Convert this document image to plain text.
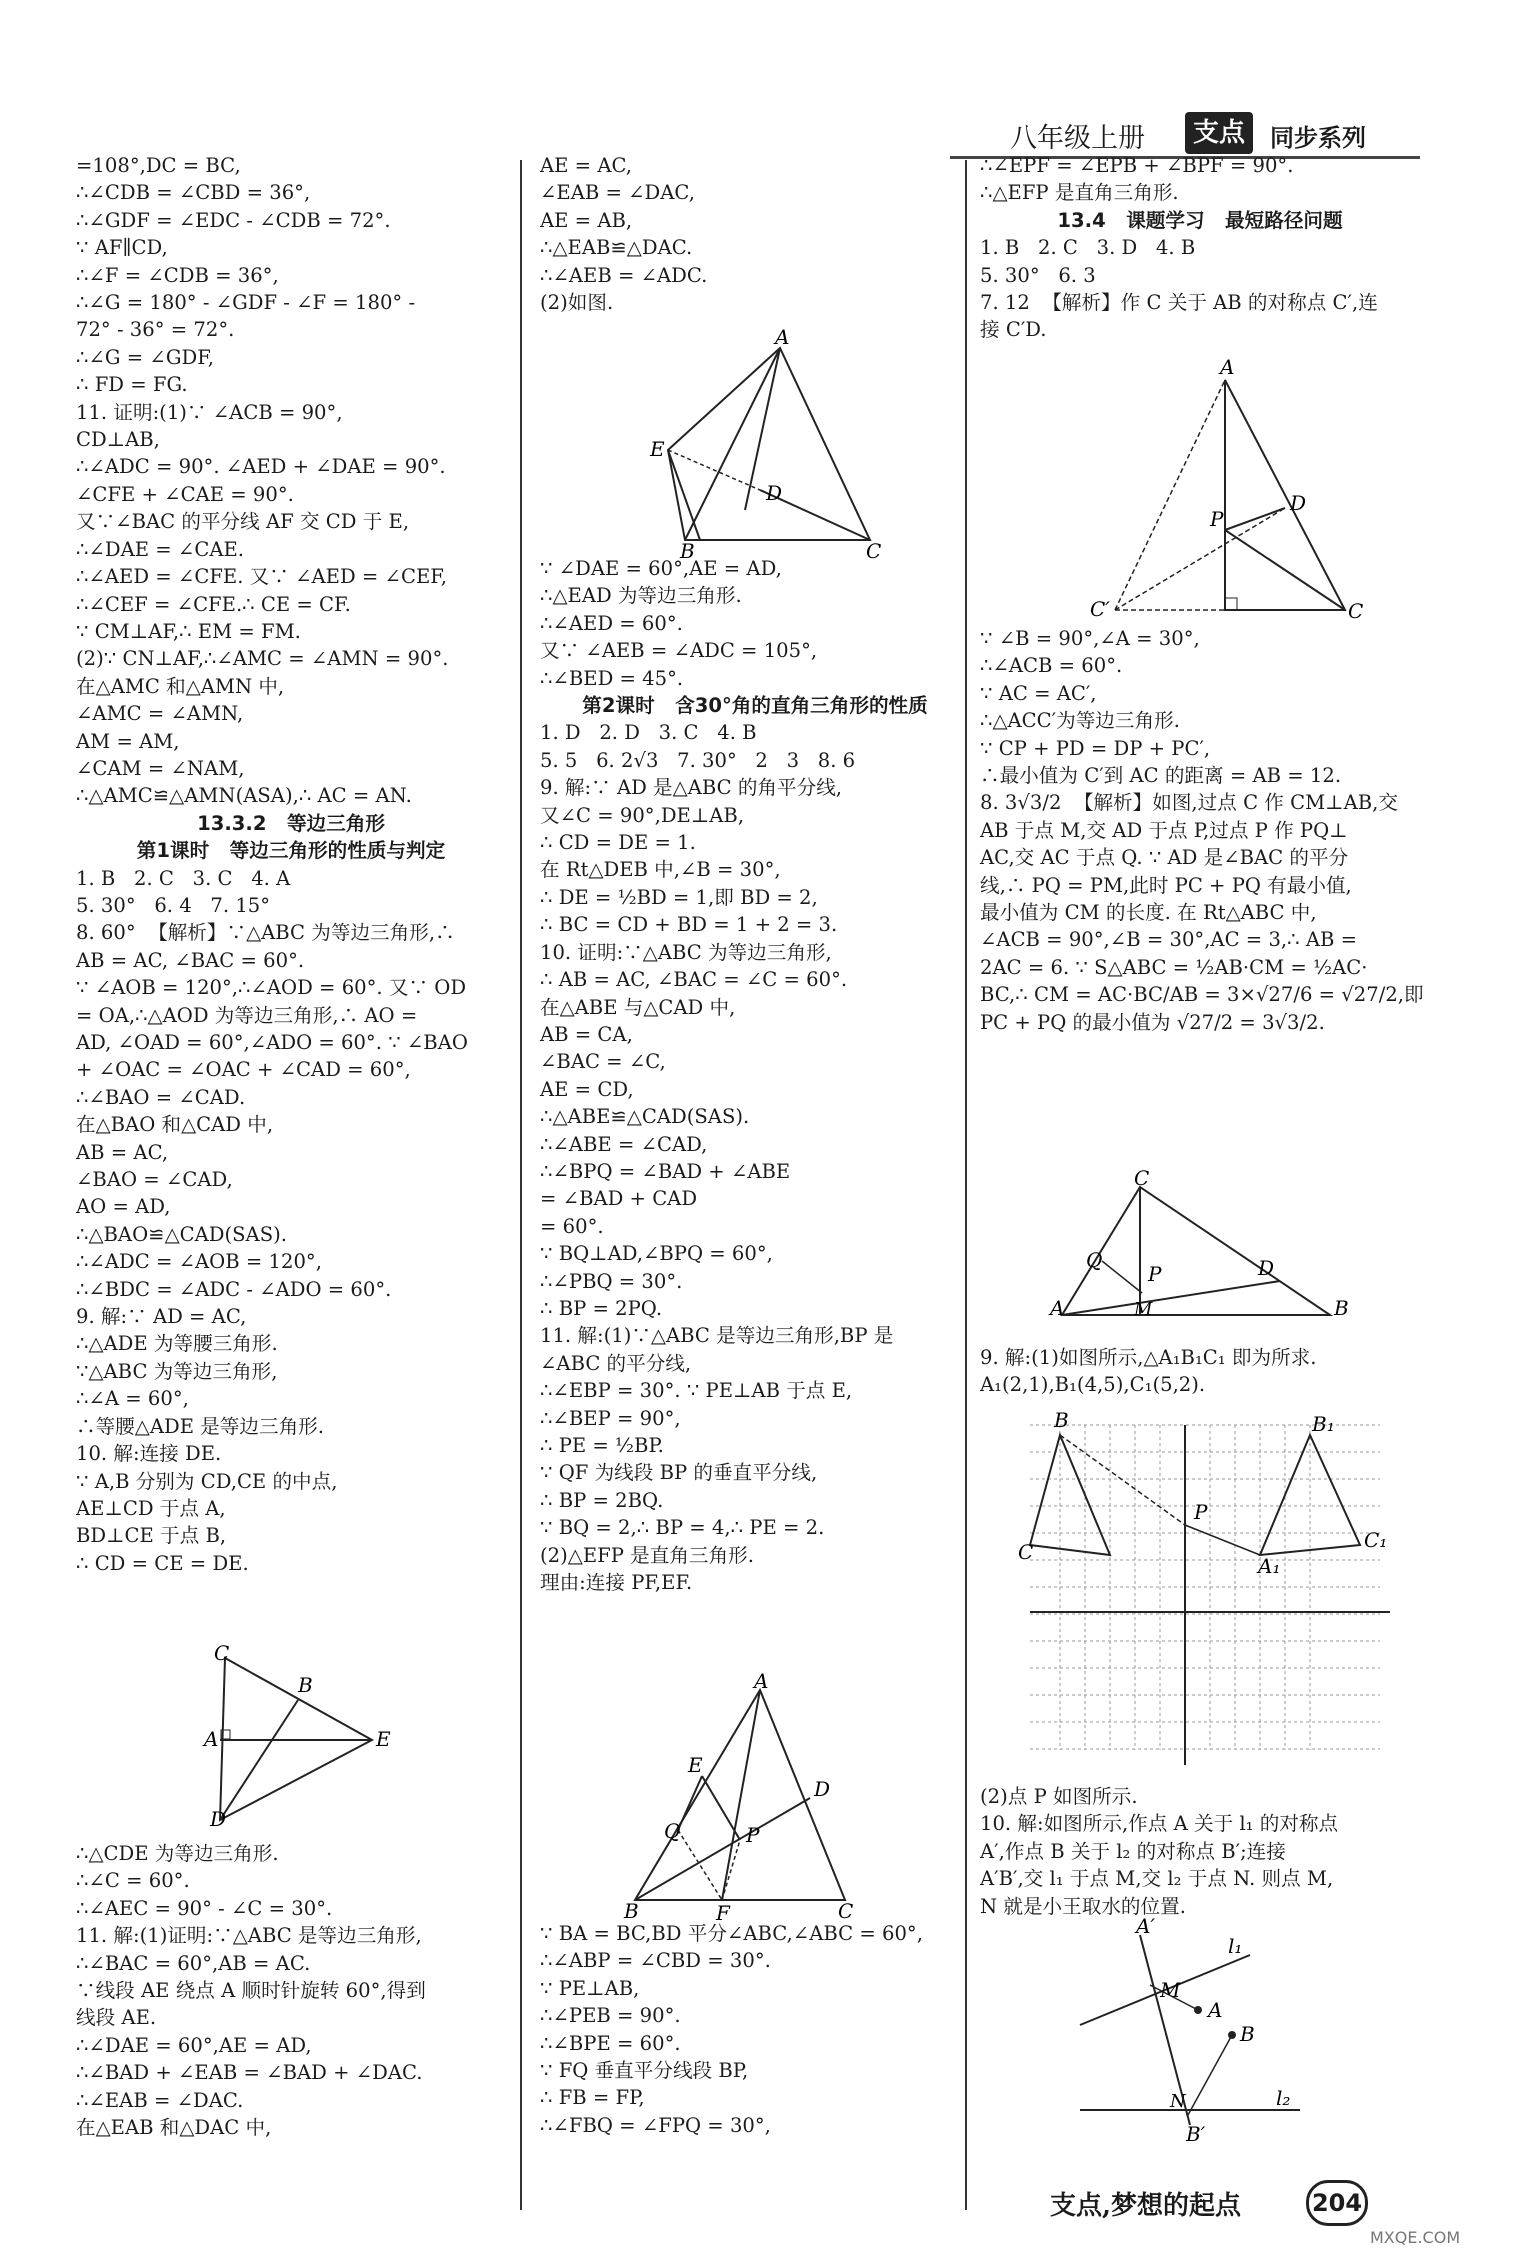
八年级上册	支点	同步系列
=108°,DC = BC,
∴∠CDB = ∠CBD = 36°,
∴∠GDF = ∠EDC - ∠CDB = 72°.
∵ AF∥CD,
∴∠F = ∠CDB = 36°,
∴∠G = 180° - ∠GDF - ∠F = 180° -
72° - 36° = 72°.
∴∠G = ∠GDF,
∴ FD = FG.
11. 证明:(1)∵ ∠ACB = 90°,
CD⊥AB,
∴∠ADC = 90°. ∠AED + ∠DAE = 90°.
∠CFE + ∠CAE = 90°.
又∵∠BAC 的平分线 AF 交 CD 于 E,
∴∠DAE = ∠CAE.
∴∠AED = ∠CFE. 又∵ ∠AED = ∠CEF,
∴∠CEF = ∠CFE.∴ CE = CF.
∵ CM⊥AF,∴ EM = FM.
(2)∵ CN⊥AF,∴∠AMC = ∠AMN = 90°.
在△AMC 和△AMN 中,
∠AMC = ∠AMN,
AM = AM,
∠CAM = ∠NAM,
∴△AMC≌△AMN(ASA),∴ AC = AN.
13.3.2   等边三角形
第1课时   等边三角形的性质与判定
1. B   2. C   3. C   4. A
5. 30°   6. 4   7. 15°
8. 60°  【解析】∵△ABC 为等边三角形,∴
AB = AC, ∠BAC = 60°.
∵ ∠AOB = 120°,∴∠AOD = 60°. 又∵ OD
= OA,∴△AOD 为等边三角形,∴ AO =
AD, ∠OAD = 60°,∠ADO = 60°. ∵ ∠BAO
+ ∠OAC = ∠OAC + ∠CAD = 60°,
∴∠BAO = ∠CAD.
在△BAO 和△CAD 中,
AB = AC,
∠BAO = ∠CAD,
AO = AD,
∴△BAO≌△CAD(SAS).
∴∠ADC = ∠AOB = 120°,
∴∠BDC = ∠ADC - ∠ADO = 60°.
9. 解:∵ AD = AC,
∴△ADE 为等腰三角形.
∵△ABC 为等边三角形,
∴∠A = 60°,
∴等腰△ADE 是等边三角形.
10. 解:连接 DE.
∵ A,B 分别为 CD,CE 的中点,
AE⊥CD 于点 A,
BD⊥CE 于点 B,
∴ CD = CE = DE.
C
B
A	E
D
∴△CDE 为等边三角形.
∴∠C = 60°.
∴∠AEC = 90° - ∠C = 30°.
11. 解:(1)证明:∵△ABC 是等边三角形,
∴∠BAC = 60°,AB = AC.
∵线段 AE 绕点 A 顺时针旋转 60°,得到
线段 AE.
∴∠DAE = 60°,AE = AD,
∴∠BAD + ∠EAB = ∠BAD + ∠DAC.
∴∠EAB = ∠DAC.
在△EAB 和△DAC 中,
AE = AC,
∠EAB = ∠DAC,
AE = AB,
∴△EAB≌△DAC.
∴∠AEB = ∠ADC.
(2)如图.
A
E
D
B	C
∵ ∠DAE = 60°,AE = AD,
∴△EAD 为等边三角形.
∴∠AED = 60°.
又∵ ∠AEB = ∠ADC = 105°,
∴∠BED = 45°.
第2课时   含30°角的直角三角形的性质
1. D   2. D   3. C   4. B
5. 5   6. 2√3   7. 30°   2   3   8. 6
9. 解:∵ AD 是△ABC 的角平分线,
又∠C = 90°,DE⊥AB,
∴ CD = DE = 1.
在 Rt△DEB 中,∠B = 30°,
∴ DE = ½BD = 1,即 BD = 2,
∴ BC = CD + BD = 1 + 2 = 3.
10. 证明:∵△ABC 为等边三角形,
∴ AB = AC, ∠BAC = ∠C = 60°.
在△ABE 与△CAD 中,
AB = CA,
∠BAC = ∠C,
AE = CD,
∴△ABE≌△CAD(SAS).
∴∠ABE = ∠CAD,
∴∠BPQ = ∠BAD + ∠ABE
= ∠BAD + CAD
= 60°.
∵ BQ⊥AD,∠BPQ = 60°,
∴∠PBQ = 30°.
∴ BP = 2PQ.
11. 解:(1)∵△ABC 是等边三角形,BP 是
∠ABC 的平分线,
∴∠EBP = 30°. ∵ PE⊥AB 于点 E,
∴∠BEP = 90°,
∴ PE = ½BP.
∵ QF 为线段 BP 的垂直平分线,
∴ BP = 2BQ.
∵ BQ = 2,∴ BP = 4,∴ PE = 2.
(2)△EFP 是直角三角形.
理由:连接 PF,EF.
A
E
D
Q	P
B	F	C
∵ BA = BC,BD 平分∠ABC,∠ABC = 60°,
∴∠ABP = ∠CBD = 30°.
∵ PE⊥AB,
∴∠PEB = 90°.
∴∠BPE = 60°.
∵ FQ 垂直平分线段 BP,
∴ FB = FP,
∴∠FBQ = ∠FPQ = 30°,
∴∠EPF = ∠EPB + ∠BPF = 90°.
∴△EFP 是直角三角形.
13.4   课题学习   最短路径问题
1. B   2. C   3. D   4. B
5. 30°   6. 3
7. 12  【解析】作 C 关于 AB 的对称点 C′,连
接 C′D.
A
D
P
C′	C
∵ ∠B = 90°,∠A = 30°,
∴∠ACB = 60°.
∵ AC = AC′,
∴△ACC′为等边三角形.
∵ CP + PD = DP + PC′,
∴最小值为 C′到 AC 的距离 = AB = 12.
8. 3√3/2  【解析】如图,过点 C 作 CM⊥AB,交
AB 于点 M,交 AD 于点 P,过点 P 作 PQ⊥
AC,交 AC 于点 Q. ∵ AD 是∠BAC 的平分
线,∴ PQ = PM,此时 PC + PQ 有最小值,
最小值为 CM 的长度. 在 Rt△ABC 中,
∠ACB = 90°,∠B = 30°,AC = 3,∴ AB =
2AC = 6. ∵ S△ABC = ½AB·CM = ½AC·
BC,∴ CM = AC·BC/AB = 3×√27/6 = √27/2,即
PC + PQ 的最小值为 √27/2 = 3√3/2.
C
Q
P	D
A	M	B
9. 解:(1)如图所示,△A₁B₁C₁ 即为所求.
A₁(2,1),B₁(4,5),C₁(5,2).
B	B₁
C	C₁
A₁
P
(2)点 P 如图所示.
10. 解:如图所示,作点 A 关于 l₁ 的对称点
A′,作点 B 关于 l₂ 的对称点 B′;连接
A′B′,交 l₁ 于点 M,交 l₂ 于点 N. 则点 M,
N 就是小王取水的位置.
A′
l₁
M
A
B
l₂
N
B′
支点,梦想的起点	204
MXQE.COM
